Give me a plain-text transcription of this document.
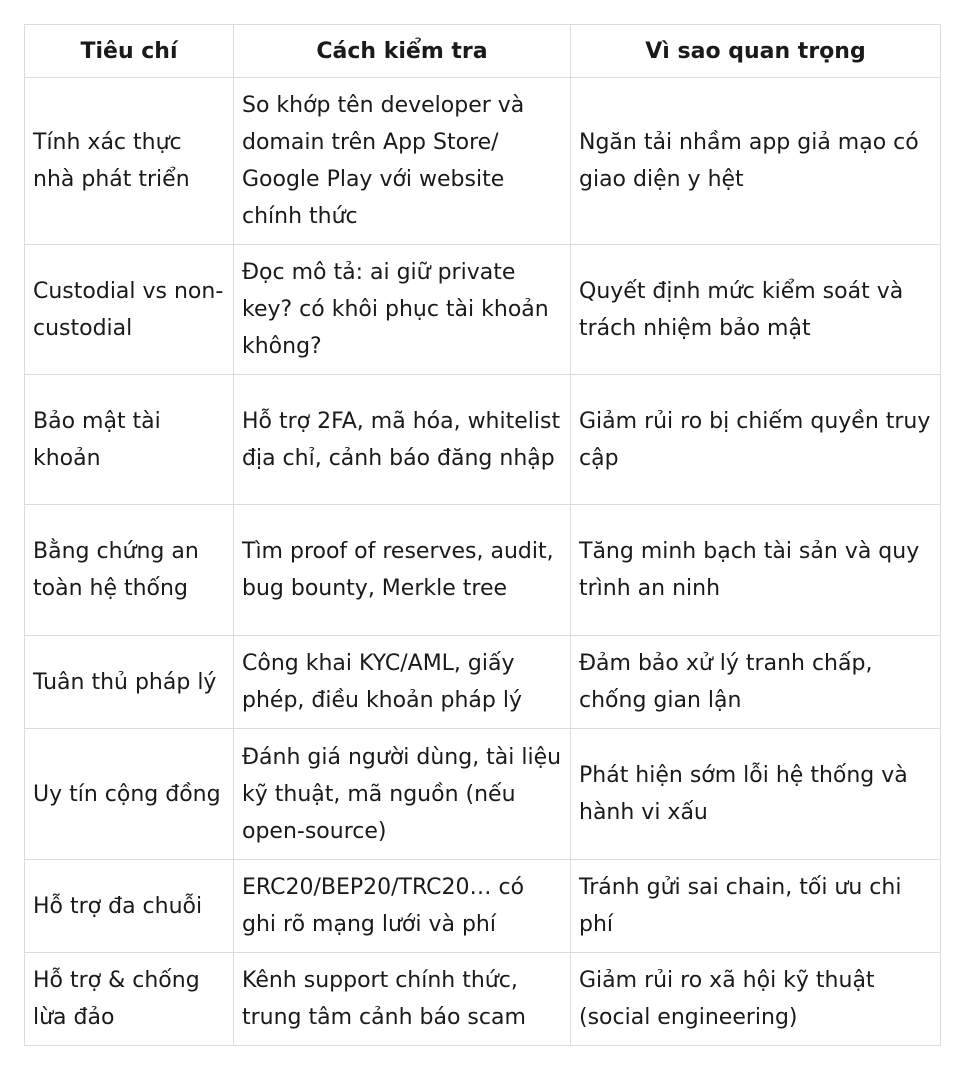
Tiêu chí	Cách kiểm tra	Vì sao quan trọng
Tính xác thực nhà phát triển	So khớp tên developer và domain trên App Store/ Google Play với website chính thức	Ngăn tải nhầm app giả mạo có giao diện y hệt
Custodial vs non-custodial	Đọc mô tả: ai giữ private key? có khôi phục tài khoản không?	Quyết định mức kiểm soát và trách nhiệm bảo mật
Bảo mật tài khoản	Hỗ trợ 2FA, mã hóa, whitelist địa chỉ, cảnh báo đăng nhập	Giảm rủi ro bị chiếm quyền truy cập
Bằng chứng an toàn hệ thống	Tìm proof of reserves, audit, bug bounty, Merkle tree	Tăng minh bạch tài sản và quy trình an ninh
Tuân thủ pháp lý	Công khai KYC/AML, giấy phép, điều khoản pháp lý	Đảm bảo xử lý tranh chấp, chống gian lận
Uy tín cộng đồng	Đánh giá người dùng, tài liệu kỹ thuật, mã nguồn (nếu open-source)	Phát hiện sớm lỗi hệ thống và hành vi xấu
Hỗ trợ đa chuỗi	ERC20/BEP20/TRC20… có ghi rõ mạng lưới và phí	Tránh gửi sai chain, tối ưu chi phí
Hỗ trợ & chống lừa đảo	Kênh support chính thức, trung tâm cảnh báo scam	Giảm rủi ro xã hội kỹ thuật (social engineering)
